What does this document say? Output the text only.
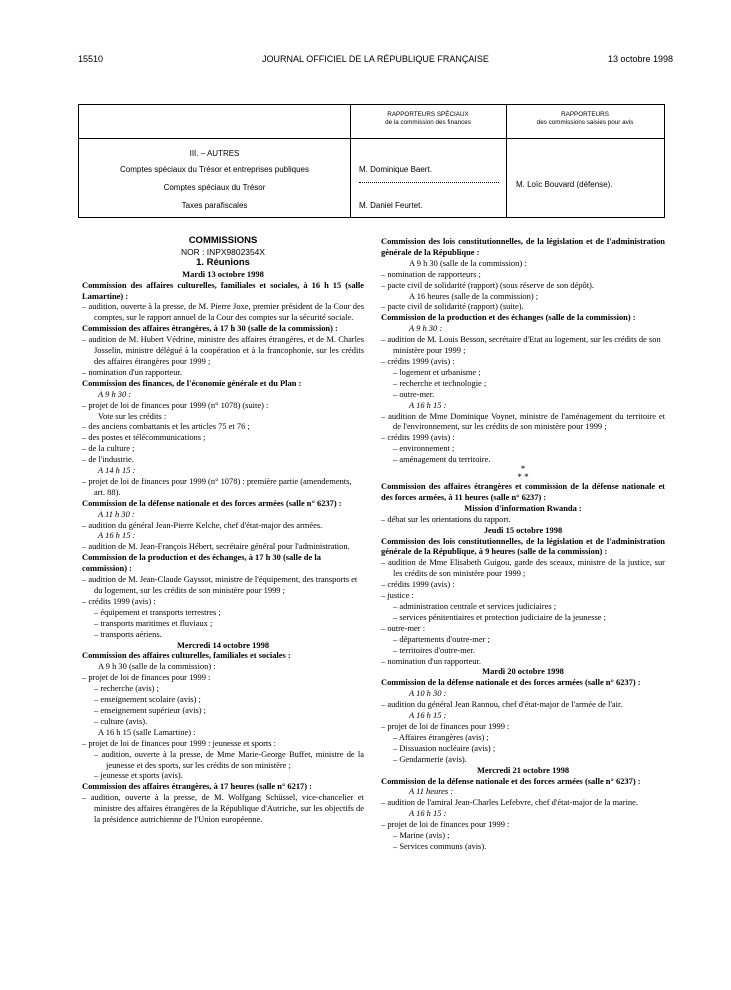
15510	JOURNAL OFFICIEL DE LA RÉPUBLIQUE FRANÇAISE	13 octobre 1998
RAPPORTEURS SPÉCIAUX
de la commission des finances
RAPPORTEURS
des commissions saisies pour avis
III. – AUTRES
Comptes spéciaux du Trésor et entreprises publiques
Comptes spéciaux du Trésor
Taxes parafiscales
M. Dominique Baert.
M. Daniel Feurtet.
M. Loïc Bouvard (défense).

COMMISSIONS

NOR : INPX9802354X

1. Réunions

Mardi 13 octobre 1998

Commission des affaires culturelles, familiales et sociales, à 16 h 15 (salle Lamartine) :

– audition, ouverte à la presse, de M. Pierre Joxe, premier président de la Cour des comptes, sur le rapport annuel de la Cour des comptes sur la sécurité sociale.

Commission des affaires étrangères, à 17 h 30 (salle de la commission) :

– audition de M. Hubert Védrine, ministre des affaires étrangères, et de M. Charles Josselin, ministre délégué à la coopération et à la francophonie, sur les crédits des affaires étrangères pour 1999 ;

– nomination d'un rapporteur.

Commission des finances, de l'économie générale et du Plan :

A 9 h 30 :

– projet de loi de finances pour 1999 (n° 1078) (suite) :

Vote sur les crédits :

– des anciens combattants et les articles 75 et 76 ;

– des postes et télécommunications ;

– de la culture ;

– de l'industrie.

A 14 h 15 :

– projet de loi de finances pour 1999 (n° 1078) : première partie (amendements, art. 88).

Commission de la défense nationale et des forces armées (salle n° 6237) :

A 11 h 30 :

– audition du général Jean-Pierre Kelche, chef d'état-major des armées.

A 16 h 15 :

– audition de M. Jean-François Hébert, secrétaire général pour l'administration.

Commission de la production et des échanges, à 17 h 30 (salle de la commission) :

– audition de M. Jean-Claude Gayssot, ministre de l'équipement, des transports et du logement, sur les crédits de son ministère pour 1999 ;

– crédits 1999 (avis) :

– équipement et transports terrestres ;

– transports maritimes et fluviaux ;

– transports aériens.

Mercredi 14 octobre 1998

Commission des affaires culturelles, familiales et sociales :

A 9 h 30 (salle de la commission) :

– projet de loi de finances pour 1999 :

– recherche (avis) ;

– enseignement scolaire (avis) ;

– enseignement supérieur (avis) ;

– culture (avis).

A 16 h 15 (salle Lamartine) :

– projet de loi de finances pour 1999 : jeunesse et sports :

– audition, ouverte à la presse, de Mme Marie-George Buffet, ministre de la jeunesse et des sports, sur les crédits de son ministère ;

– jeunesse et sports (avis).

Commission des affaires étrangères, à 17 heures (salle n° 6217) :

– audition, ouverte à la presse, de M. Wolfgang Schüssel, vice-chancelier et ministre des affaires étrangères de la République d'Autriche, sur les objectifs de la présidence autrichienne de l'Union européenne.

Commission des lois constitutionnelles, de la législation et de l'administration générale de la République :

A 9 h 30 (salle de la commission) :

– nomination de rapporteurs ;

– pacte civil de solidarité (rapport) (sous réserve de son dépôt).

A 16 heures (salle de la commission) ;

– pacte civil de solidarité (rapport) (suite).

Commission de la production et des échanges (salle de la commission) :

A 9 h 30 :

– audition de M. Louis Besson, secrétaire d'Etat au logement, sur les crédits de son ministère pour 1999 ;

– crédits 1999 (avis) :

– logement et urbanisme ;

– recherche et technologie ;

– outre-mer.

A 16 h 15 :

– audition de Mme Dominique Voynet, ministre de l'aménagement du territoire et de l'environnement, sur les crédits de son ministère pour 1999 ;

– crédits 1999 (avis) :

– environnement ;

– aménagement du territoire.

*

* *

Commission des affaires étrangères et commission de la défense nationale et des forces armées, à 11 heures (salle n° 6237) :

Mission d'information Rwanda :

– débat sur les orientations du rapport.

Jeudi 15 octobre 1998

Commission des lois constitutionnelles, de la législation et de l'administration générale de la République, à 9 heures (salle de la commission) :

– audition de Mme Elisabeth Guigou, garde des sceaux, ministre de la justice, sur les crédits de son ministère pour 1999 ;

– crédits 1999 (avis) :

– justice :

– administration centrale et services judiciaires ;

– services pénitentiaires et protection judiciaire de la jeunesse ;

– outre-mer :

– départements d'outre-mer ;

– territoires d'outre-mer.

– nomination d'un rapporteur.

Mardi 20 octobre 1998

Commission de la défense nationale et des forces armées (salle n° 6237) :

A 10 h 30 :

– audition du général Jean Rannou, chef d'état-major de l'armée de l'air.

A 16 h 15 :

– projet de loi de finances pour 1999 :

– Affaires étrangères (avis) ;

– Dissuasion nucléaire (avis) ;

– Gendarmerie (avis).

Mercredi 21 octobre 1998

Commission de la défense nationale et des forces armées (salle n° 6237) :

A 11 heures :

– audition de l'amiral Jean-Charles Lefebvre, chef d'état-major de la marine.

A 16 h 15 :

– projet de loi de finances pour 1999 :

– Marine (avis) ;

– Services communs (avis).
